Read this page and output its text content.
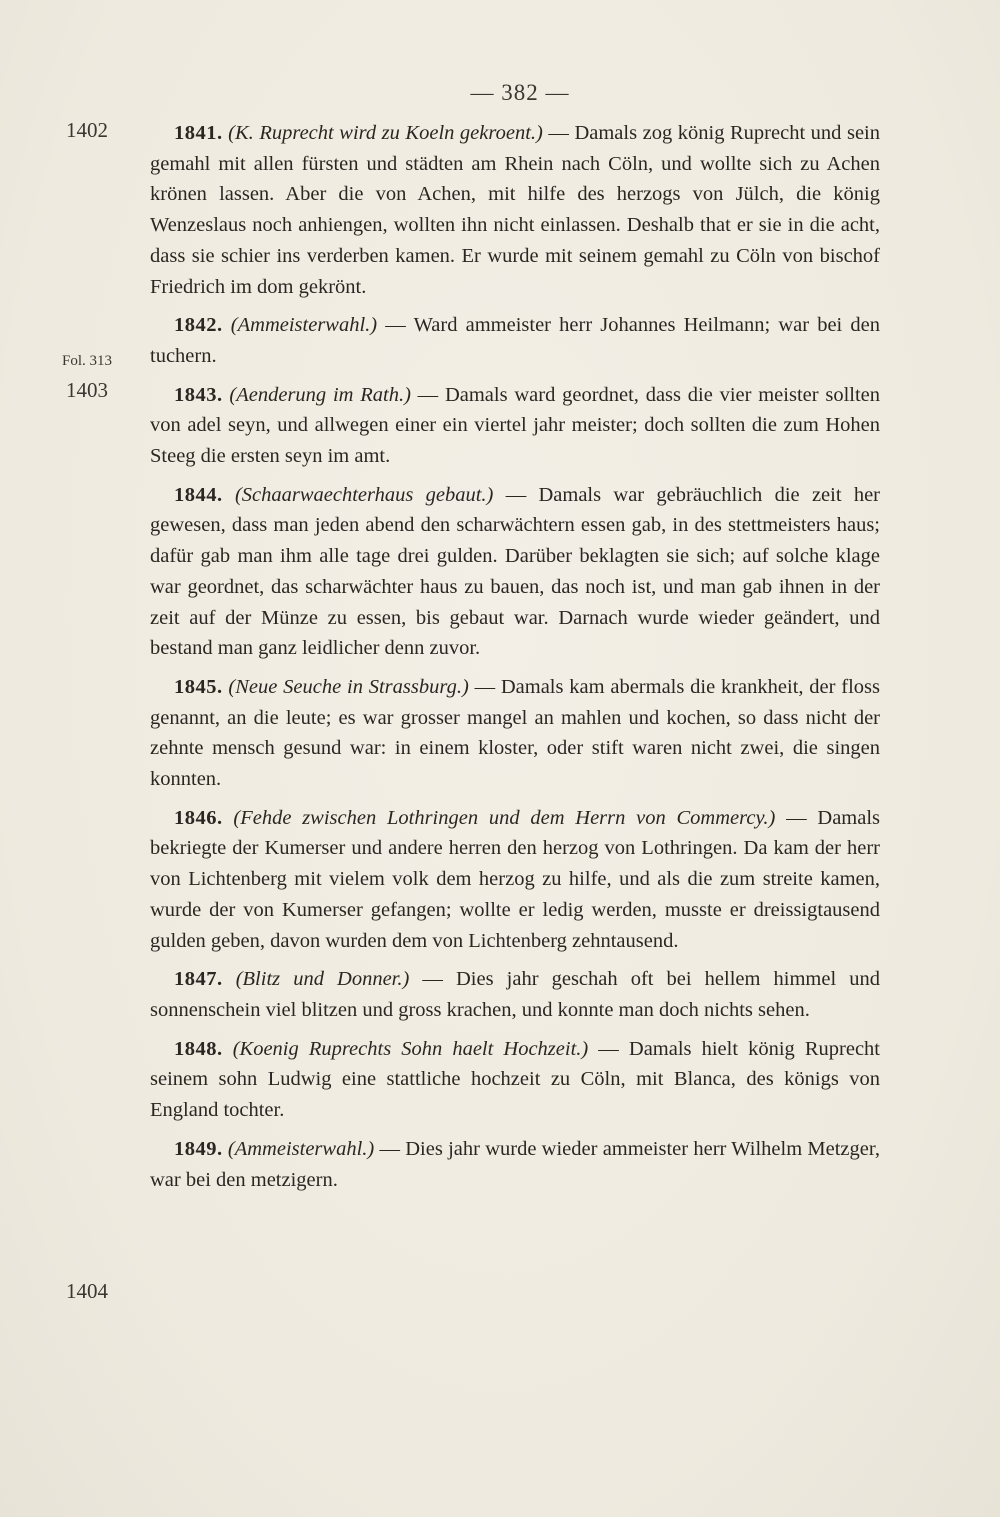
— 382 —
1402
Fol. 313
1403
1404

1841. (K. Ruprecht wird zu Koeln gekroent.) — Damals zog könig Ruprecht und sein gemahl mit allen fürsten und städten am Rhein nach Cöln, und wollte sich zu Achen krönen lassen. Aber die von Achen, mit hilfe des herzogs von Jülch, die könig Wenzeslaus noch anhiengen, wollten ihn nicht einlassen. Deshalb that er sie in die acht, dass sie schier ins verderben kamen. Er wurde mit seinem gemahl zu Cöln von bischof Friedrich im dom gekrönt.

1842. (Ammeisterwahl.) — Ward ammeister herr Johannes Heilmann; war bei den tuchern.

1843. (Aenderung im Rath.) — Damals ward geordnet, dass die vier meister sollten von adel seyn, und allwegen einer ein viertel jahr meister; doch sollten die zum Hohen Steeg die ersten seyn im amt.

1844. (Schaarwaechterhaus gebaut.) — Damals war gebräuchlich die zeit her gewesen, dass man jeden abend den scharwächtern essen gab, in des stettmeisters haus; dafür gab man ihm alle tage drei gulden. Darüber beklagten sie sich; auf solche klage war geordnet, das scharwächter haus zu bauen, das noch ist, und man gab ihnen in der zeit auf der Münze zu essen, bis gebaut war. Darnach wurde wieder geändert, und bestand man ganz leidlicher denn zuvor.

1845. (Neue Seuche in Strassburg.) — Damals kam abermals die krankheit, der floss genannt, an die leute; es war grosser mangel an mahlen und kochen, so dass nicht der zehnte mensch gesund war: in einem kloster, oder stift waren nicht zwei, die singen konnten.

1846. (Fehde zwischen Lothringen und dem Herrn von Commercy.) — Damals bekriegte der Kumerser und andere herren den herzog von Lothringen. Da kam der herr von Lichtenberg mit vielem volk dem herzog zu hilfe, und als die zum streite kamen, wurde der von Kumerser gefangen; wollte er ledig werden, musste er dreissigtausend gulden geben, davon wurden dem von Lichtenberg zehntausend.

1847. (Blitz und Donner.) — Dies jahr geschah oft bei hellem himmel und sonnenschein viel blitzen und gross krachen, und konnte man doch nichts sehen.

1848. (Koenig Ruprechts Sohn haelt Hochzeit.) — Damals hielt könig Ruprecht seinem sohn Ludwig eine stattliche hochzeit zu Cöln, mit Blanca, des königs von England tochter.

1849. (Ammeisterwahl.) — Dies jahr wurde wieder ammeister herr Wilhelm Metzger, war bei den metzigern.
